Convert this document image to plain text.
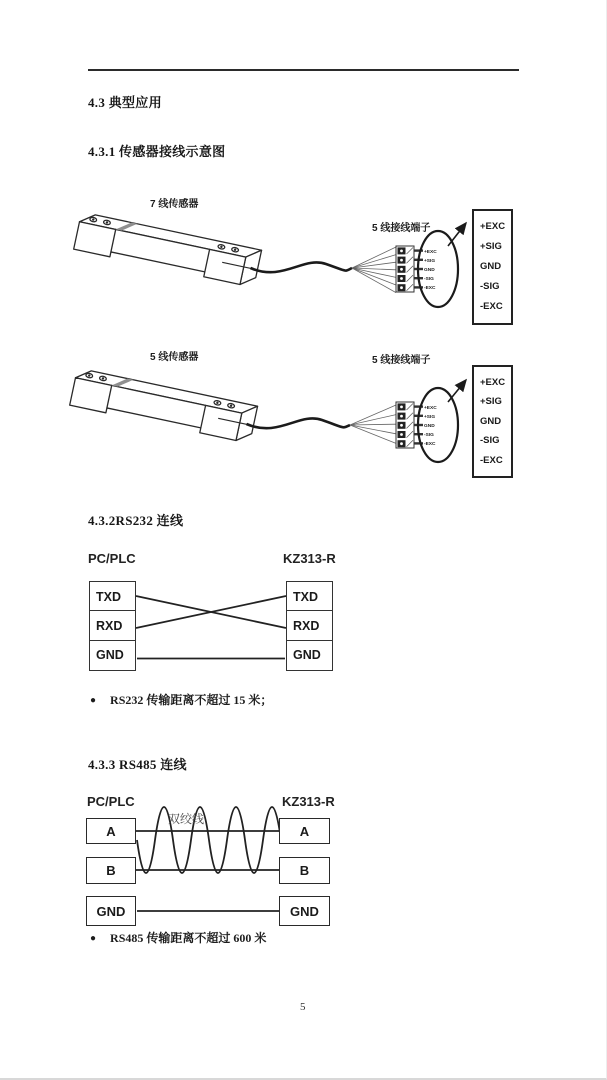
4.3 典型应用
4.3.1 传感器接线示意图
4.3.2RS232 连线
4.3.3 RS485 连线
+EXC
+SIG
GND
-SIG
-EXC
+EXC
+SIG
GND
-SIG
-EXC
7 线传感器
5 线接线端子	+EXC
+SIG
GND
-SIG
-EXC
5 线传感器	5 线接线端子
+EXC
+SIG
GND
-SIG
-EXC
PC/PLC	KZ313-R
TXD
RXD
GND
TXD
RXD
GND
● RS232 传输距离不超过 15 米；
PC/PLC	KZ313-R
双绞线
A
B
GND
A
B
GND
● RS485 传输距离不超过 600 米
5
